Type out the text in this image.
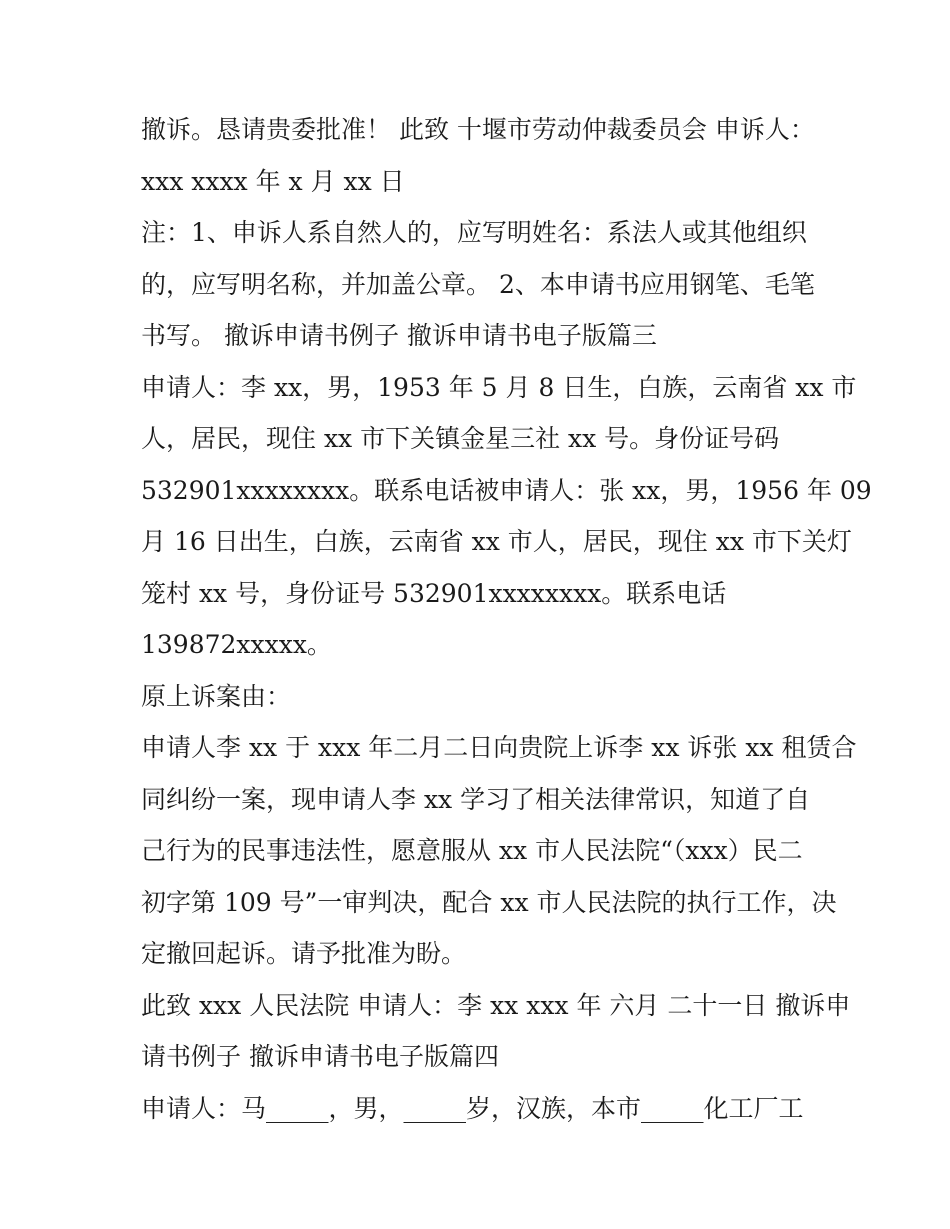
撤诉。恳请贵委批准！ 此致 十堰市劳动仲裁委员会 申诉人：
xxx xxxx 年 x 月 xx 日

注：1、申诉人系自然人的，应写明姓名：系法人或其他组织
的，应写明名称，并加盖公章。 2、本申请书应用钢笔、毛笔
书写。 撤诉申请书例子 撤诉申请书电子版篇三

申请人：李 xx，男，1953 年 5 月 8 日生，白族，云南省 xx 市
人，居民，现住 xx 市下关镇金星三社 xx 号。身份证号码
532901xxxxxxxx。联系电话被申请人：张 xx，男，1956 年 09
月 16 日出生，白族，云南省 xx 市人，居民，现住 xx 市下关灯
笼村 xx 号，身份证号 532901xxxxxxxx。联系电话
139872xxxxx。

原上诉案由：

申请人李 xx 于 xxx 年二月二日向贵院上诉李 xx 诉张 xx 租赁合
同纠纷一案，现申请人李 xx 学习了相关法律常识，知道了自
己行为的民事违法性，愿意服从 xx 市人民法院“（xxx）民二
初字第 109 号”一审判决，配合 xx 市人民法院的执行工作，决
定撤回起诉。请予批准为盼。

此致 xxx 人民法院 申请人：李 xx xxx 年 六月 二十一日 撤诉申
请书例子 撤诉申请书电子版篇四

申请人：马_____，男，_____岁，汉族，本市_____化工厂工
